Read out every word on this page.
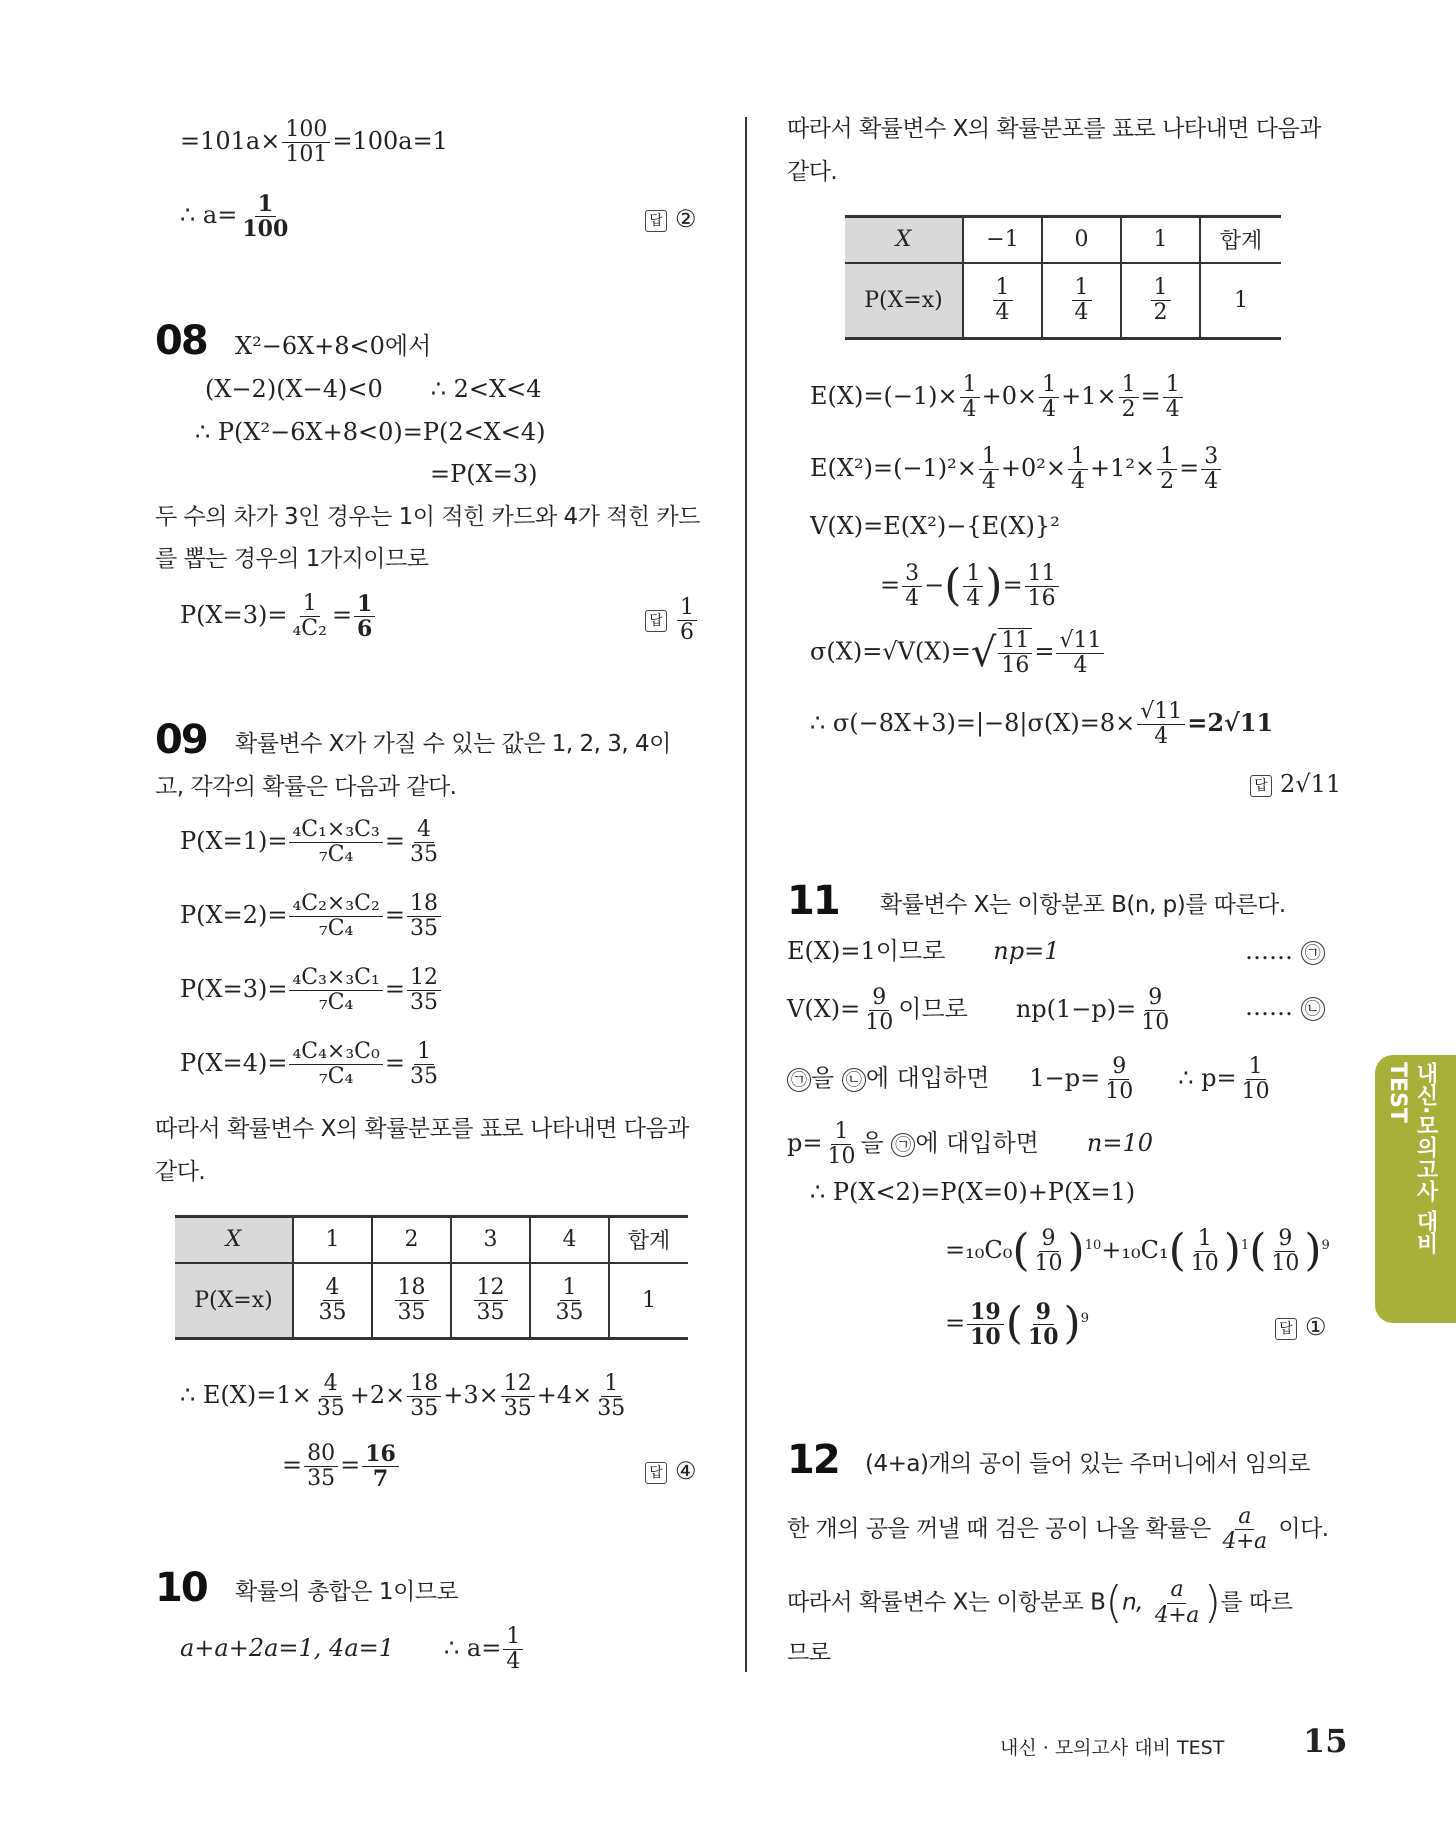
$=101a\times \frac{100}{101} =100a=1$
∴ $a= \frac{1}{100}$	답 ②
08 X²−6X+8<0에서
(X−2)(X−4)<0 ∴ 2<X<4
∴ P(X²−6X+8<0)=P(2<X<4)
=P(X=3)
두 수의 차가 3인 경우는 1이 적힌 카드와 4가 적힌 카드
를 뽑는 경우의 1가지이므로
$P(X=3)= \frac{1}{\text{₄C₂}} = \frac{1}{6}$	답 $\frac{1}{6}$
09 확률변수 X가 가질 수 있는 값은 1, 2, 3, 4이
고, 각각의 확률은 다음과 같다.
$P(X=1)= \frac{\text{₄C₁×₃C₃}}{\text{₇C₄}} = \frac{4}{35}$
$P(X=2)= \frac{\text{₄C₂×₃C₂}}{\text{₇C₄}} = \frac{18}{35}$
$P(X=3)= \frac{\text{₄C₃×₃C₁}}{\text{₇C₄}} = \frac{12}{35}$
$P(X=4)= \frac{\text{₄C₄×₃C₀}}{\text{₇C₄}} = \frac{1}{35}$
따라서 확률변수 X의 확률분포를 표로 나타내면 다음과
같다.
X	1	2	3	4	합계
P(X=x)	$\frac{4}{35}$	$\frac{18}{35}$	$\frac{12}{35}$	$\frac{1}{35}$	1
∴ $E(X)=1\times \frac{4}{35} +2\times \frac{18}{35} +3\times \frac{12}{35} +4\times \frac{1}{35}$
= $\frac{80}{35} = \frac{16}{7}$	답 ④
10 확률의 총합은 1이므로
a+a+2a=1, 4a=1 ∴ $a= \frac{1}{4}$
따라서 확률변수 X의 확률분포를 표로 나타내면 다음과
같다.
X	−1	0	1	합계
P(X=x)	$\frac{1}{4}$	$\frac{1}{4}$	$\frac{1}{2}$	1
$E(X)=(-1)\times \frac{1}{4} +0\times \frac{1}{4} +1\times \frac{1}{2} = \frac{1}{4}$
$E(X^2)=(-1)^2\times \frac{1}{4} +0^2\times \frac{1}{4} +1^2\times \frac{1}{2} = \frac{3}{4}$
V(X)=E(X²)−{E(X)}²
= $\frac{3}{4}$ −( $\frac{1}{4}$ )= $\frac{11}{16}$
$\sigma(X)=√V(X)=√ \frac{11}{16} = \frac{√11}{4}$
∴ $\sigma(-8X+3)=|-8|\sigma(X)=8\times \frac{√11}{4} =2√11$
답 2√11
11 확률변수 X는 이항분포 B(n, p)를 따른다.
E(X)=1이므로 np=1	…… ㉠
$V(X)= \frac{9}{10}$ 이므로 $np(1-p)= \frac{9}{10}$	…… ㉡
㉠ 을 ㉡ 에 대입하면 $1-p= \frac{9}{10}$ ∴ $p= \frac{1}{10}$
$p= \frac{1}{10}$ 을 ㉠ 에 대입하면 n=10
∴ P(X<2)=P(X=0)+P(X=1)
$=_{10}C_0( \frac{9}{10} )^{10}+_{10}C_1( \frac{1}{10} )^1( \frac{9}{10} )^9$
= $\frac{19}{10}$ ( $\frac{9}{10} )^9$
답 ①
12 (4+a)개의 공이 들어 있는 주머니에서 임의로
한 개의 공을 꺼낼 때 검은 공이 나올 확률은 $\frac{a}{4+a}$ 이다.
따라서 확률변수 X는 이항분포 B(n, $\frac{a}{4+a}$ )를 따르
므로
내신·모의고사 대비 TEST
내신 · 모의고사 대비 TEST 15
